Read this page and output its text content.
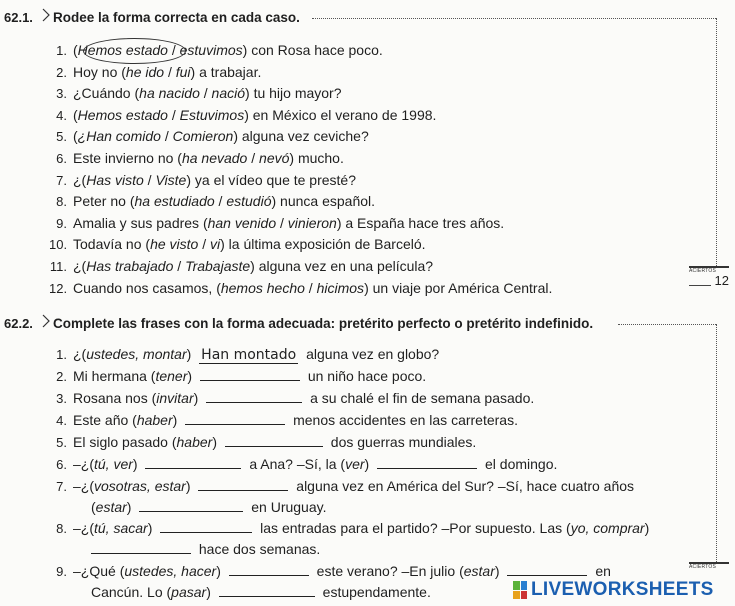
62.1. Rodee la forma correcta en cada caso.
1. (Hemos estado / estuvimos) con Rosa hace poco.
2. Hoy no (he ido / fui) a trabajar.
3. ¿Cuándo (ha nacido / nació) tu hijo mayor?
4. (Hemos estado / Estuvimos) en México el verano de 1998.
5. (¿Han comido / Comieron) alguna vez ceviche?
6. Este invierno no (ha nevado / nevó) mucho.
7. ¿(Has visto / Viste) ya el vídeo que te presté?
8. Peter no (ha estudiado / estudió) nunca español.
9. Amalia y sus padres (han venido / vinieron) a España hace tres años.
10. Todavía no (he visto / vi) la última exposición de Barceló.
11. ¿(Has trabajado / Trabajaste) alguna vez en una película?
12. Cuando nos casamos, (hemos hecho / hicimos) un viaje por América Central.
ACIERTOS
12
62.2. Complete las frases con la forma adecuada: pretérito perfecto o pretérito indefinido.
1. ¿(ustedes, montar) Han montado alguna vez en globo?
2. Mi hermana (tener)	un niño hace poco.
3. Rosana nos (invitar)	a su chalé el fin de semana pasado.
4. Este año (haber)	menos accidentes en las carreteras.
5. El siglo pasado (haber)	dos guerras mundiales.
6. –¿(tú, ver)	a Ana? –Sí, la (ver)	el domingo.
7. –¿(vosotras, estar)	alguna vez en América del Sur? –Sí, hace cuatro años
(estar)	en Uruguay.
8. –¿(tú, sacar)	las entradas para el partido? –Por supuesto. Las (yo, comprar)
hace dos semanas.
9. –¿Qué (ustedes, hacer)	este verano? –En julio (estar)	en
Cancún. Lo (pasar)	estupendamente.
ACIERTOS
LIVEWORKSHEETS
